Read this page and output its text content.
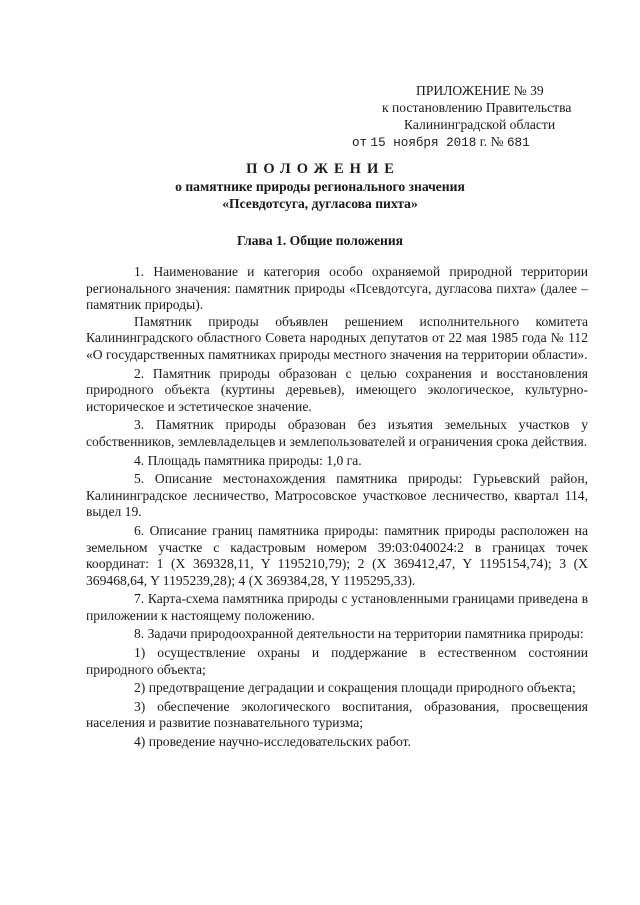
ПРИЛОЖЕНИЕ № 39
к постановлению Правительства
Калининградской области
от 15 ноября 2018 г. № 681
ПОЛОЖЕНИЕ
о памятнике природы регионального значения
«Псевдотсуга, дугласова пихта»
Глава 1. Общие положения

1. Наименование и категория особо охраняемой природной территории регионального значения: памятник природы «Псевдотсуга, дугласова пихта» (далее – памятник природы).

Памятник природы объявлен решением исполнительного комитета Калининградского областного Совета народных депутатов от 22 мая 1985 года № 112 «О государственных памятниках природы местного значения на территории области».

2. Памятник природы образован с целью сохранения и восстановления природного объекта (куртины деревьев), имеющего экологическое, культурно-историческое и эстетическое значение.

3. Памятник природы образован без изъятия земельных участков у собственников, землевладельцев и землепользователей и ограничения срока действия.

4. Площадь памятника природы: 1,0 га.

5. Описание местонахождения памятника природы: Гурьевский район, Калининградское лесничество, Матросовское участковое лесничество, квартал 114, выдел 19.

6. Описание границ памятника природы: памятник природы расположен на земельном участке с кадастровым номером 39:03:040024:2 в границах точек координат: 1 (X 369328,11, Y 1195210,79); 2 (X 369412,47, Y 1195154,74); 3 (X 369468,64, Y 1195239,28); 4 (X 369384,28, Y 1195295,33).

7. Карта-схема памятника природы с установленными границами приведена в приложении к настоящему положению.

8. Задачи природоохранной деятельности на территории памятника природы:

1) осуществление охраны и поддержание в естественном состоянии природного объекта;

2) предотвращение деградации и сокращения площади природного объекта;

3) обеспечение экологического воспитания, образования, просвещения населения и развитие познавательного туризма;

4) проведение научно-исследовательских работ.
